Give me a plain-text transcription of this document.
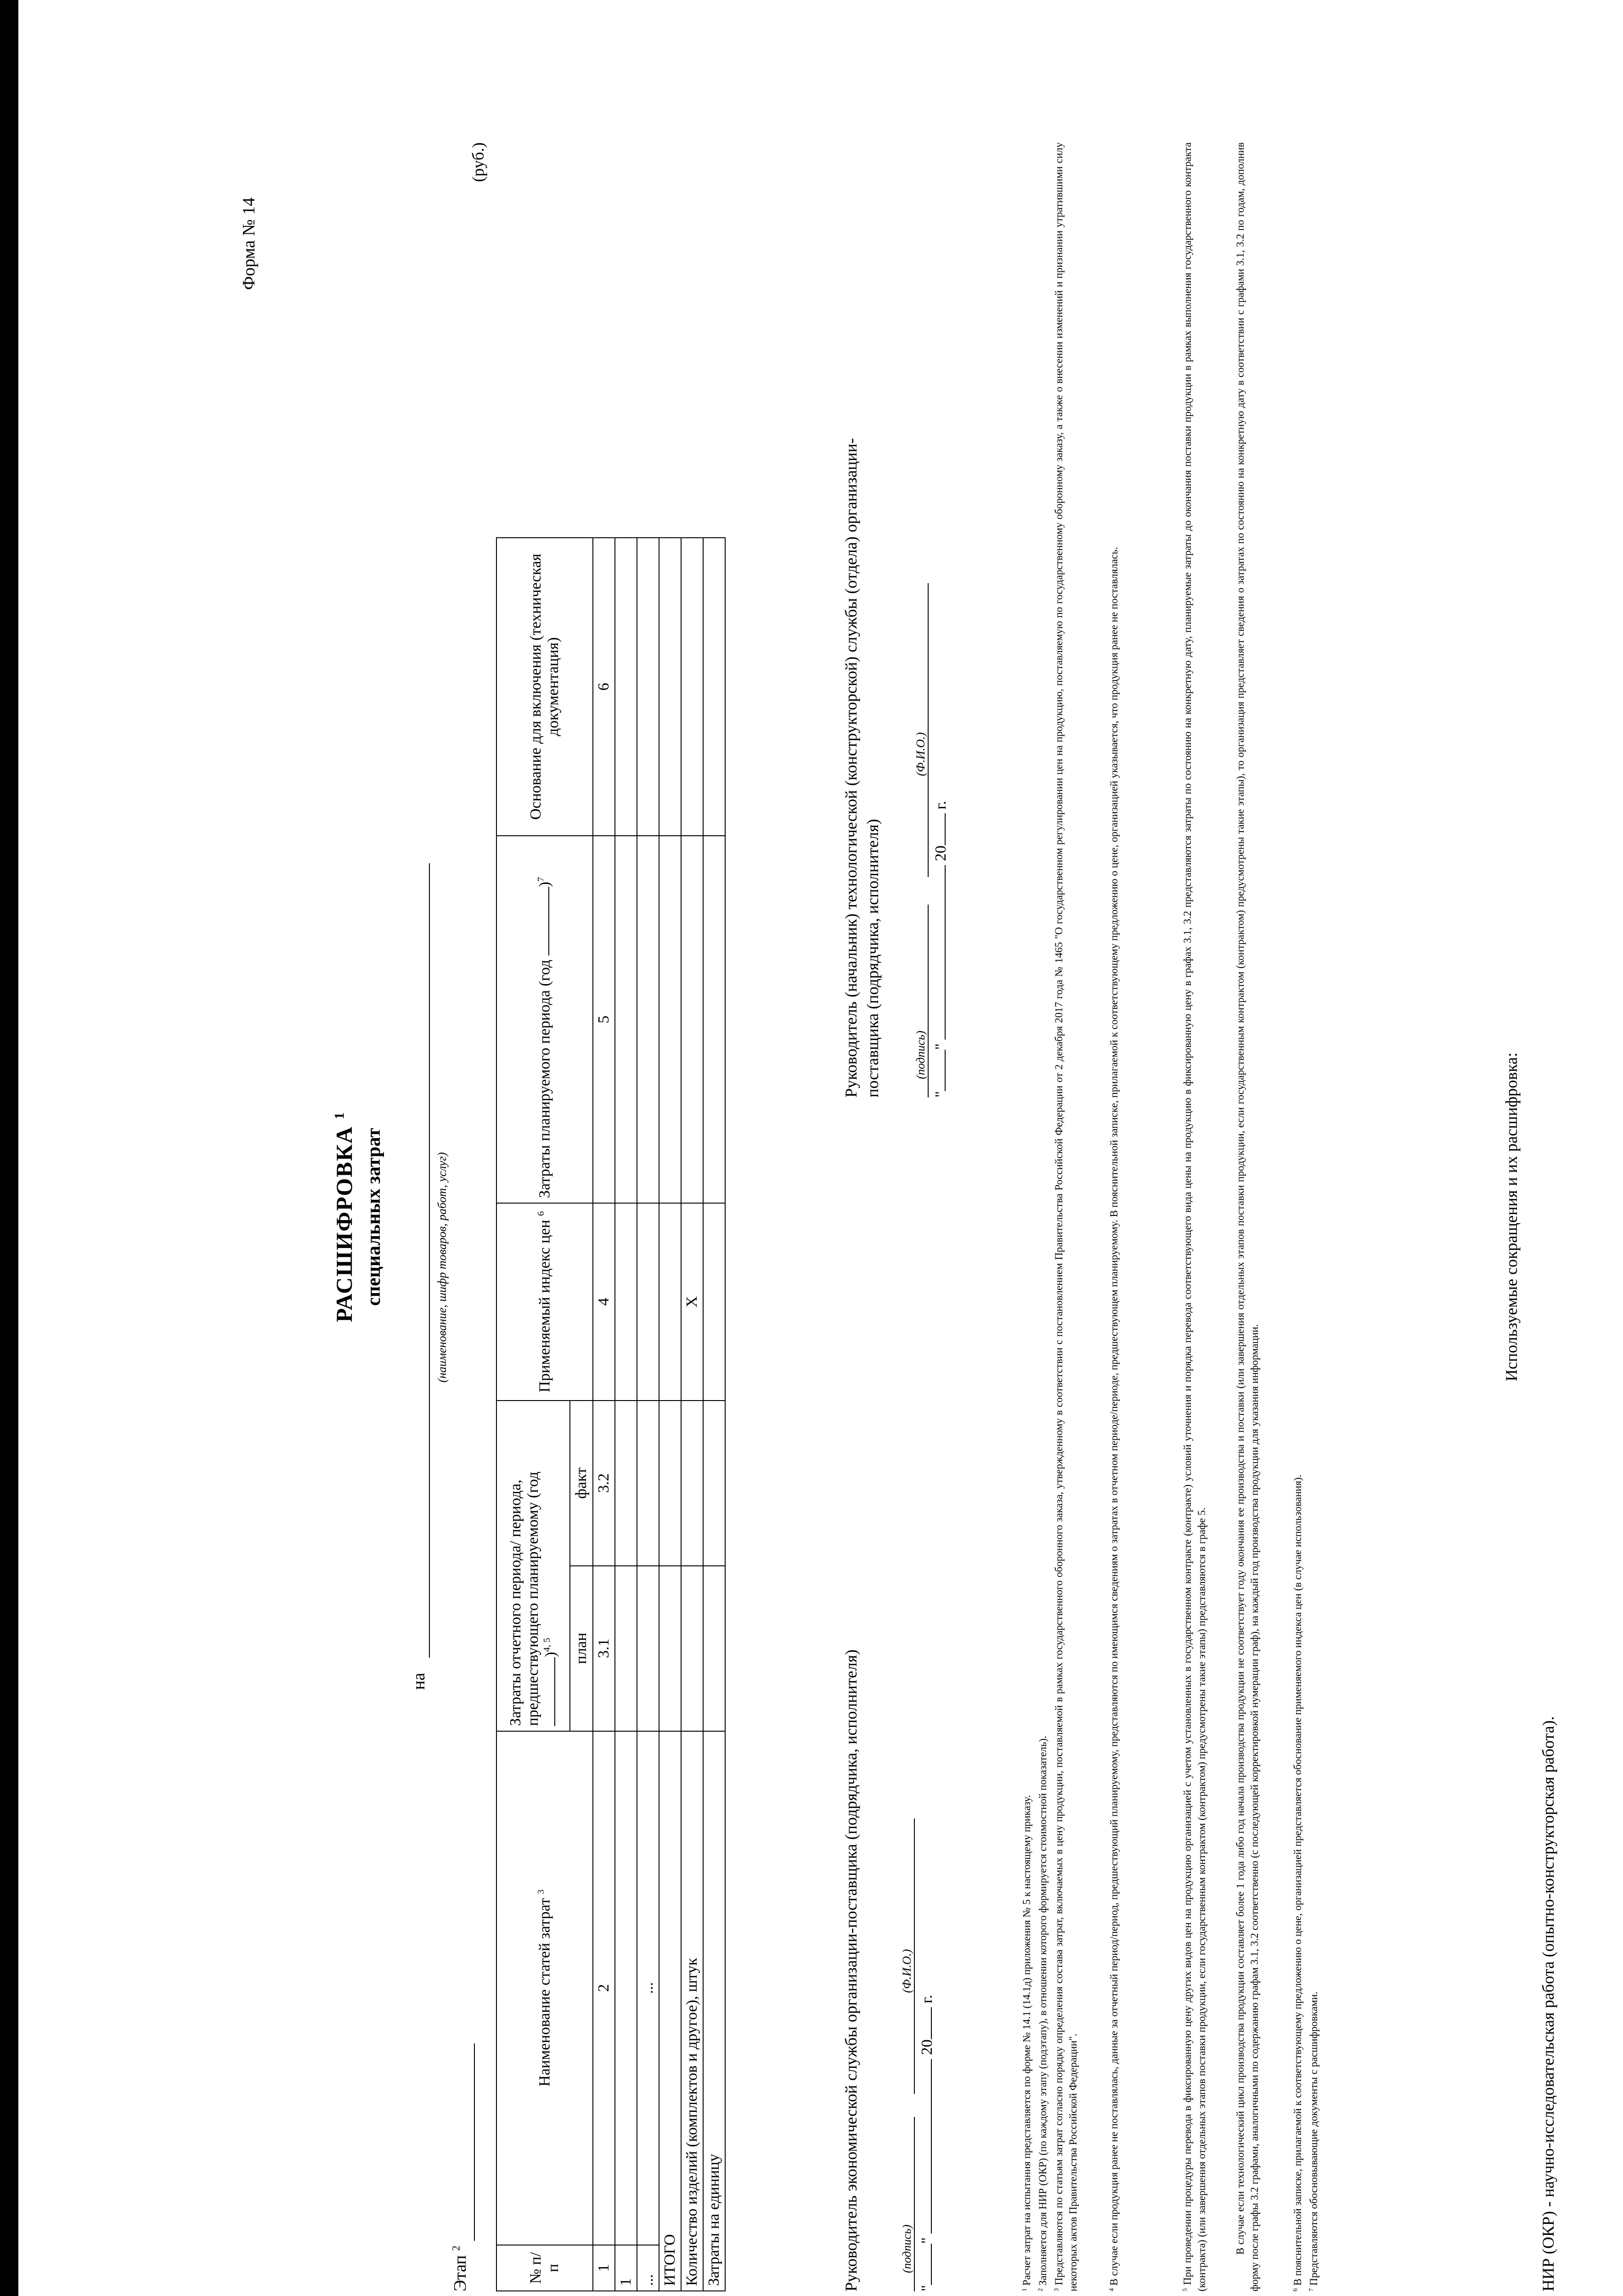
Форма № 14
РАСШИФРОВКА $^1$
специальных затрат
на
(наименование, шифр товаров, работ, услуг)
Этап $^2$
(руб.)
№ п/п	Наименование статей затрат $^3$	Затраты отчетного периода/ периода, предшествующего планируемому (год )$^{4, 5}$		Применяемый индекс цен $^6$	Затраты планируемого периода (год )$^7$	Основание для включения (техническая документация)
		план	факт			
1	2	3.1	3.2	4	5	6
1						
...	...					
ИТОГО						
Количество изделий (комплектов и другое), штук				X		
Затраты на единицу							Руководитель экономической службы организации-поставщика (подрядчика, исполнителя)	(подпись)
(Ф.И.О.)
""  20 г.
Руководитель (начальник) технологической (конструкторской) службы (отдела) организации-поставщика (подрядчика, исполнителя)	(подпись)
(Ф.И.О.)
""  20 г.
$^1$ Расчет затрат на испытания представляется по форме № 14.1 (14.1д) приложения № 5 к настоящему приказу.
$^2$ Заполняется для НИР (ОКР) (по каждому этапу (подэтапу), в отношении которого формируется стоимостной показатель).
$^3$ Представляются по статьям затрат согласно порядку определения состава затрат, включаемых в цену продукции, поставляемой в рамках государственного оборонного заказа, утвержденному в соответствии с постановлением Правительства Российской Федерации от 2 декабря 2017 года № 1465 "О государственном регулировании цен на продукцию, поставляемую по государственному оборонному заказу, а также о внесении изменений и признании утратившими силу некоторых актов Правительства Российской Федерации".	$^4$ В случае если продукция ранее не поставлялась, данные за отчетный период/период, предшествующий планируемому, представляются по имеющимся сведениям о затратах в отчетном периоде/периоде, предшествующем планируемому. В пояснительной записке, прилагаемой к соответствующему предложению о цене, организацией указывается, что продукция ранее не поставлялась.
$^5$ При проведении процедуры перевода в фиксированную цену других видов цен на продукцию организацией с учетом установленных в государственном контракте (контракте) условий уточнения и порядка перевода соответствующего вида цены на продукцию в фиксированную цену в графах 3.1, 3.2 представляются затраты по состоянию на конкретную дату, планируемые затраты до окончания поставки продукции в рамках выполнения государственного контракта (контракта) (или завершения отдельных этапов поставки продукции, если государственным контрактом (контрактом) предусмотрены такие этапы) представляются в графе 5.	В случае если технологический цикл производства продукции составляет более 1 года либо год начала производства продукции не соответствует году окончания ее производства и поставки (или завершения отдельных этапов поставки продукции, если государственным контрактом (контрактом) предусмотрены такие этапы), то организация представляет сведения о затратах по состоянию на конкретную дату в соответствии с графами 3.1, 3.2 по годам, дополнив форму после графы 3.2 графами, аналогичными по содержанию графам 3.1, 3.2 соответственно (с последующей корректировкой нумерации граф), на каждый год производства продукции для указания информации.	$^6$ В пояснительной записке, прилагаемой к соответствующему предложению о цене, организацией представляется обоснование применяемого индекса цен (в случае использования).
$^7$ Представляются обосновывающие документы с расшифровками.
Используемые сокращения и их расшифровка:
НИР (ОКР) - научно-исследовательская работа (опытно-конструкторская работа).
